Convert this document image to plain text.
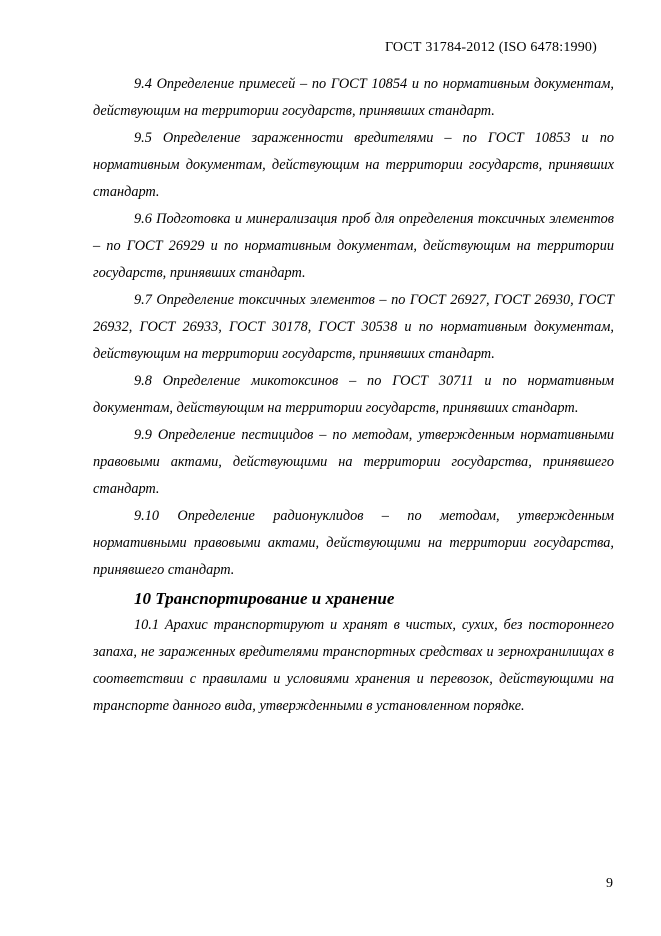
ГОСТ 31784-2012 (ISO 6478:1990)

9.4 Определение примесей – по ГОСТ 10854 и по нормативным документам, действующим на территории государств, принявших стандарт.

9.5 Определение зараженности вредителями – по ГОСТ 10853 и по нормативным документам, действующим на территории государств, принявших стандарт.

9.6 Подготовка и минерализация проб для определения токсичных элементов – по ГОСТ 26929 и по нормативным документам, действующим на территории государств, принявших стандарт.

9.7 Определение токсичных элементов – по ГОСТ 26927, ГОСТ 26930, ГОСТ 26932, ГОСТ 26933, ГОСТ 30178, ГОСТ 30538 и по нормативным документам, действующим на территории государств, принявших стандарт.

9.8 Определение микотоксинов – по ГОСТ 30711 и по нормативным документам, действующим на территории государств, принявших стандарт.

9.9 Определение пестицидов – по методам, утвержденным нормативными правовыми актами, действующими на территории государства, принявшего стандарт.

9.10 Определение радионуклидов – по методам, утвержденным нормативными правовыми актами, действующими на территории государства, принявшего стандарт.

10 Транспортирование и хранение

10.1 Арахис транспортируют и хранят в чистых, сухих, без постороннего запаха, не зараженных вредителями транспортных средствах и зернохранилищах в соответствии с правилами и условиями хранения и перевозок, действующими на транспорте данного вида, утвержденными в установленном порядке.

9
